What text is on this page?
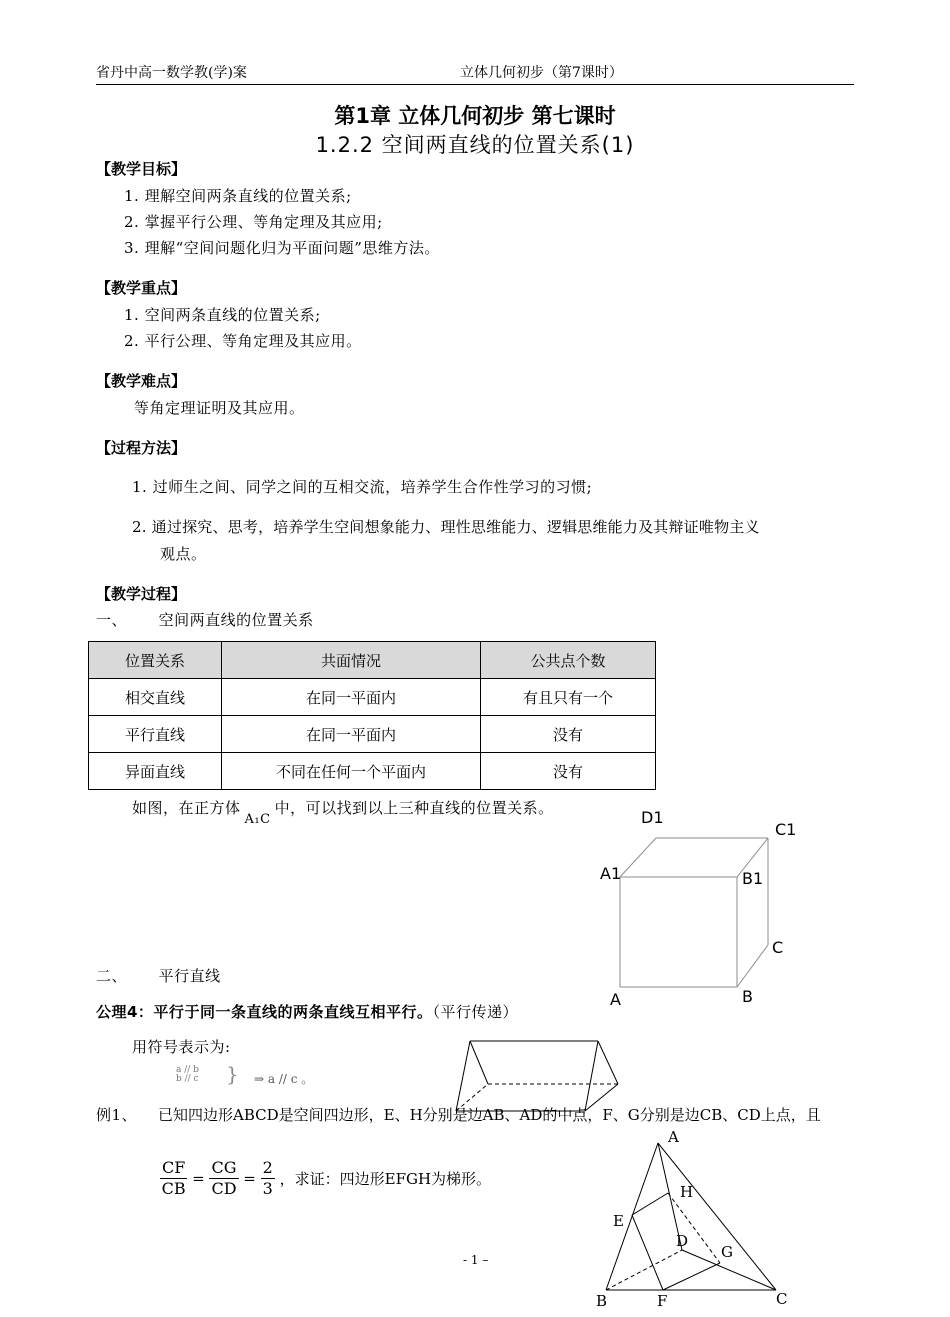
省丹中高一数学教(学)案	立体几何初步（第7课时）
第1章 立体几何初步 第七课时
1.2.2 空间两直线的位置关系(1)
【教学目标】
1. 理解空间两条直线的位置关系;
2. 掌握平行公理、等角定理及其应用;
3. 理解“空间问题化归为平面问题”思维方法。
【教学重点】
1. 空间两条直线的位置关系;
2. 平行公理、等角定理及其应用。
【教学难点】
等角定理证明及其应用。
【过程方法】
1. 过师生之间、同学之间的互相交流，培养学生合作性学习的习惯;
2. 通过探究、思考，培养学生空间想象能力、理性思维能力、逻辑思维能力及其辩证唯物主义
观点。
【教学过程】
一、      空间两直线的位置关系
位置关系	共面情况	公共点个数
相交直线	在同一平面内	有且只有一个
平行直线	在同一平面内	没有
异面直线	不同在任何一个平面内	没有
如图，在正方体A₁C中，可以找到以上三种直线的位置关系。	D1
C1
A1	B1
C
A	B
二、      平行直线
公理4：平行于同一条直线的两条直线互相平行。（平行传递）
用符号表示为:
a // b
b // c } ⇒ a // c 。
例1、 已知四边形ABCD是空间四边形，E、H分别是边AB、AD的中点，F、G分别是边CB、CD上点，且
$\frac{CF}{CB} = \frac{CG}{CD} = \frac{2}{3}$ ，求证：四边形EFGH为梯形。
A
H
E
D
G
B	F	C
- 1 –
